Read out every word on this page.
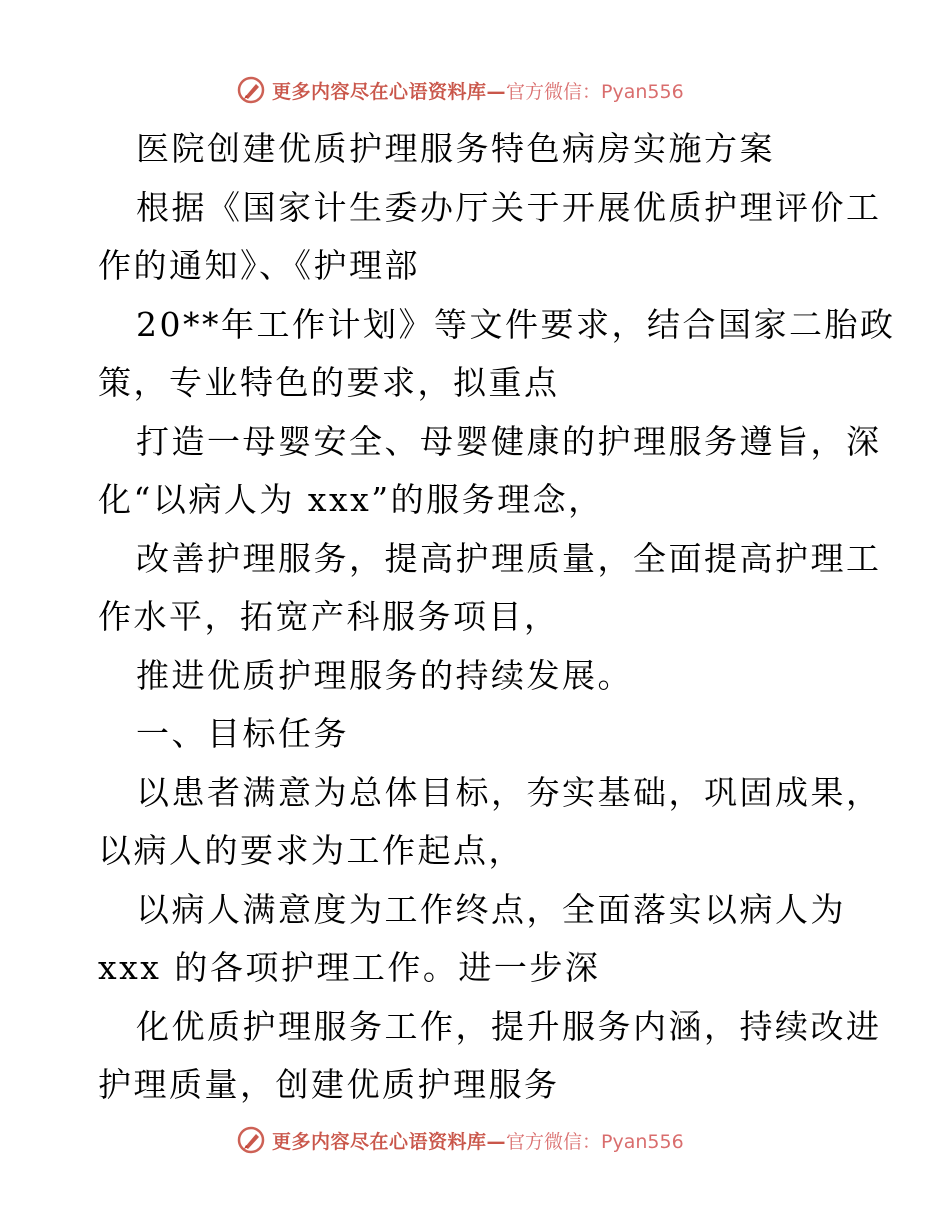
更多内容尽在心语资料库— 官方微信：Pyan556
医院创建优质护理服务特色病房实施方案
根据《国家计生委办厅关于开展优质护理评价工
作的通知》、《护理部
20**年工作计划》等文件要求，结合国家二胎政
策，专业特色的要求，拟重点
打造一母婴安全、母婴健康的护理服务遵旨，深
化“以病人为 xxx”的服务理念，
改善护理服务，提高护理质量，全面提高护理工
作水平，拓宽产科服务项目，
推进优质护理服务的持续发展。
一、目标任务
以患者满意为总体目标，夯实基础，巩固成果，
以病人的要求为工作起点，
以病人满意度为工作终点，全面落实以病人为
xxx 的各项护理工作。进一步深
化优质护理服务工作，提升服务内涵，持续改进
护理质量，创建优质护理服务
更多内容尽在心语资料库— 官方微信：Pyan556
